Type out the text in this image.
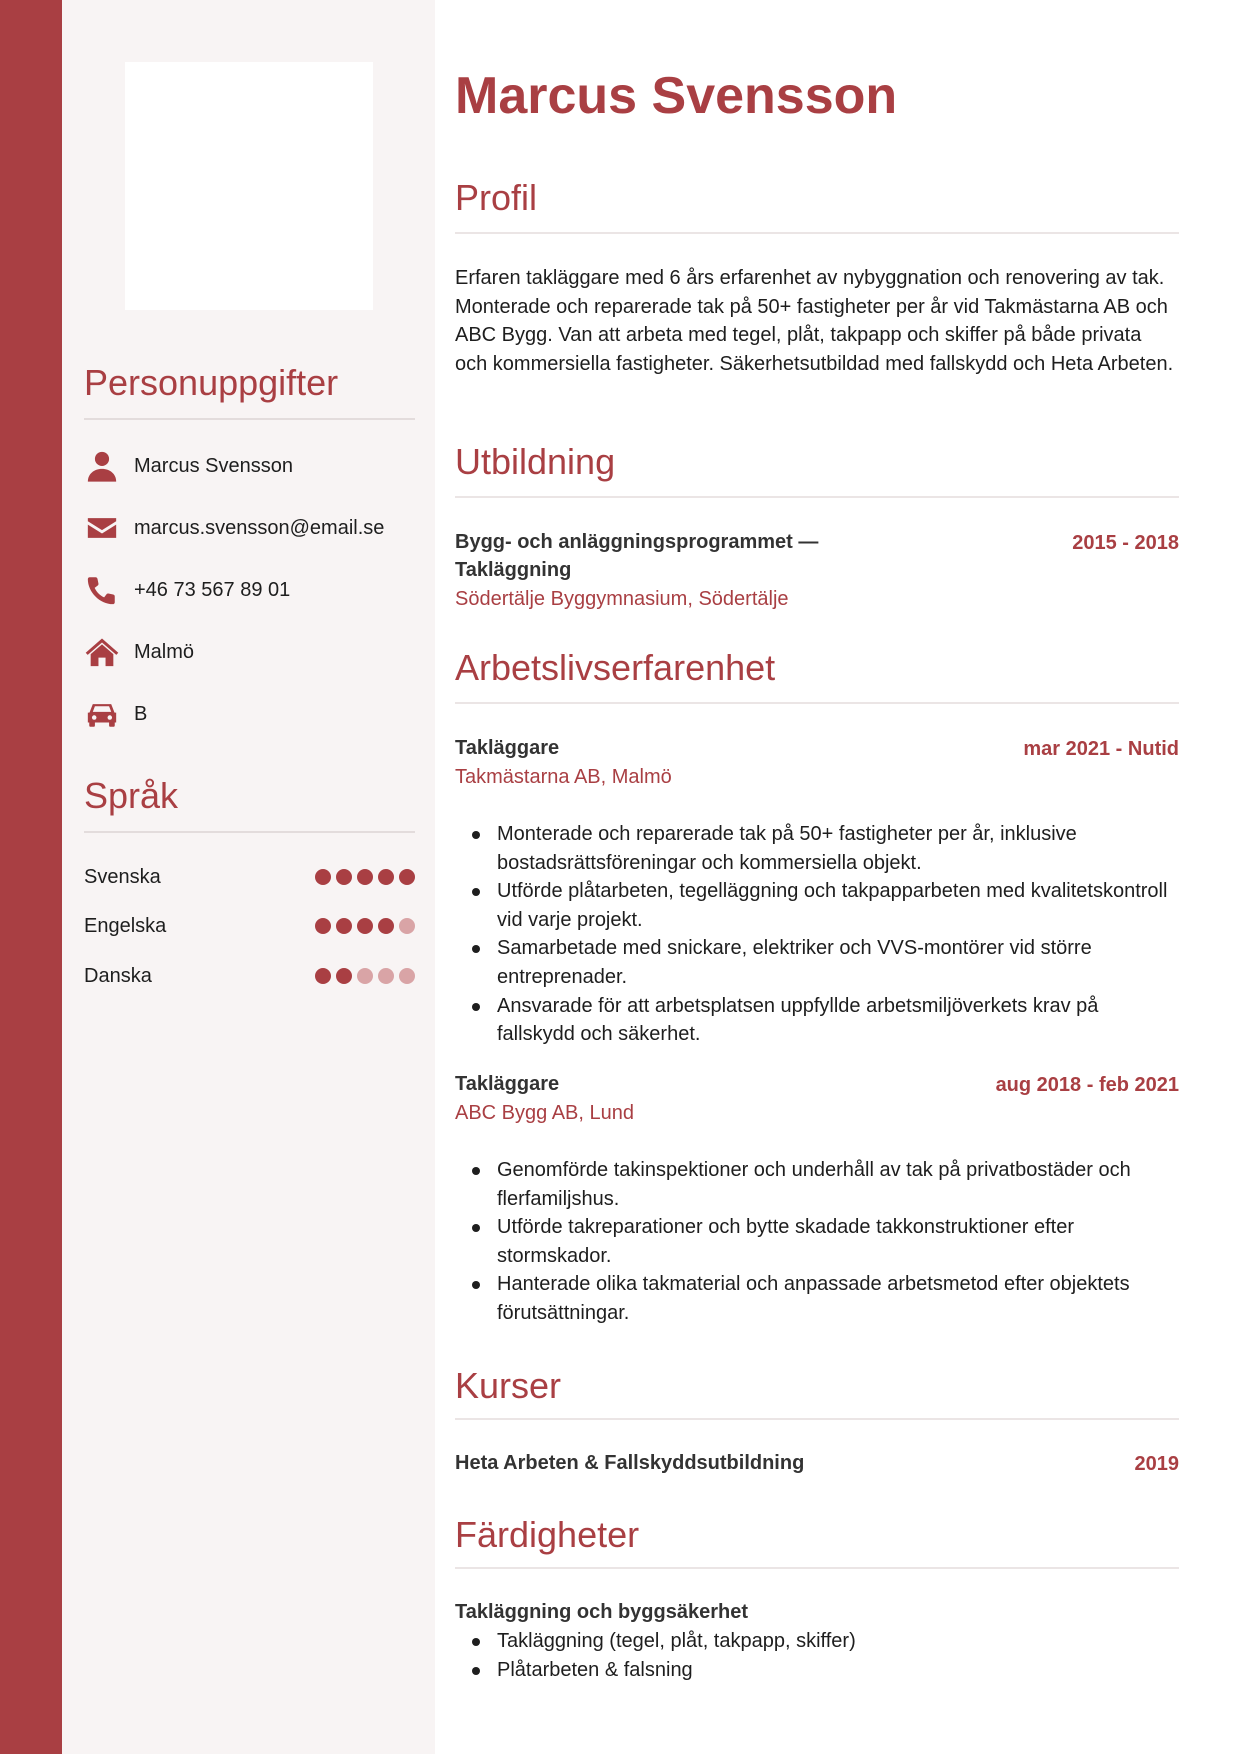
Personuppgifter
Marcus Svensson
marcus.svensson@email.se
+46 73 567 89 01
Malmö
B
Språk
Svenska
Engelska
Danska
Marcus Svensson
Profil

Erfaren takläggare med 6 års erfarenhet av nybyggnation och renovering av tak. Monterade och reparerade tak på 50+ fastigheter per år vid Takmästarna AB och ABC Bygg. Van att arbeta med tegel, plåt, takpapp och skiffer på både privata och kommersiella fastigheter. Säkerhetsutbildad med fallskydd och Heta Arbeten.

Utbildning
Bygg- och anläggningsprogrammet — Takläggning
2015 - 2018
Södertälje Byggymnasium, Södertälje
Arbetslivserfarenhet
Takläggare	mar 2021 - Nutid
Takmästarna AB, Malmö
Monterade och reparerade tak på 50+ fastigheter per år, inklusive bostadsrättsföreningar och kommersiella objekt.
Utförde plåtarbeten, tegelläggning och takpapparbeten med kvalitetskontroll vid varje projekt.
Samarbetade med snickare, elektriker och VVS-montörer vid större entreprenader.
Ansvarade för att arbetsplatsen uppfyllde arbetsmiljöverkets krav på fallskydd och säkerhet.
Takläggare	aug 2018 - feb 2021
ABC Bygg AB, Lund
Genomförde takinspektioner och underhåll av tak på privatbostäder och flerfamiljshus.
Utförde takreparationer och bytte skadade takkonstruktioner efter stormskador.
Hanterade olika takmaterial och anpassade arbetsmetod efter objektets förutsättningar.
Kurser
Heta Arbeten & Fallskyddsutbildning	2019
Färdigheter
Takläggning och byggsäkerhet
Takläggning (tegel, plåt, takpapp, skiffer)
Plåtarbeten & falsning
